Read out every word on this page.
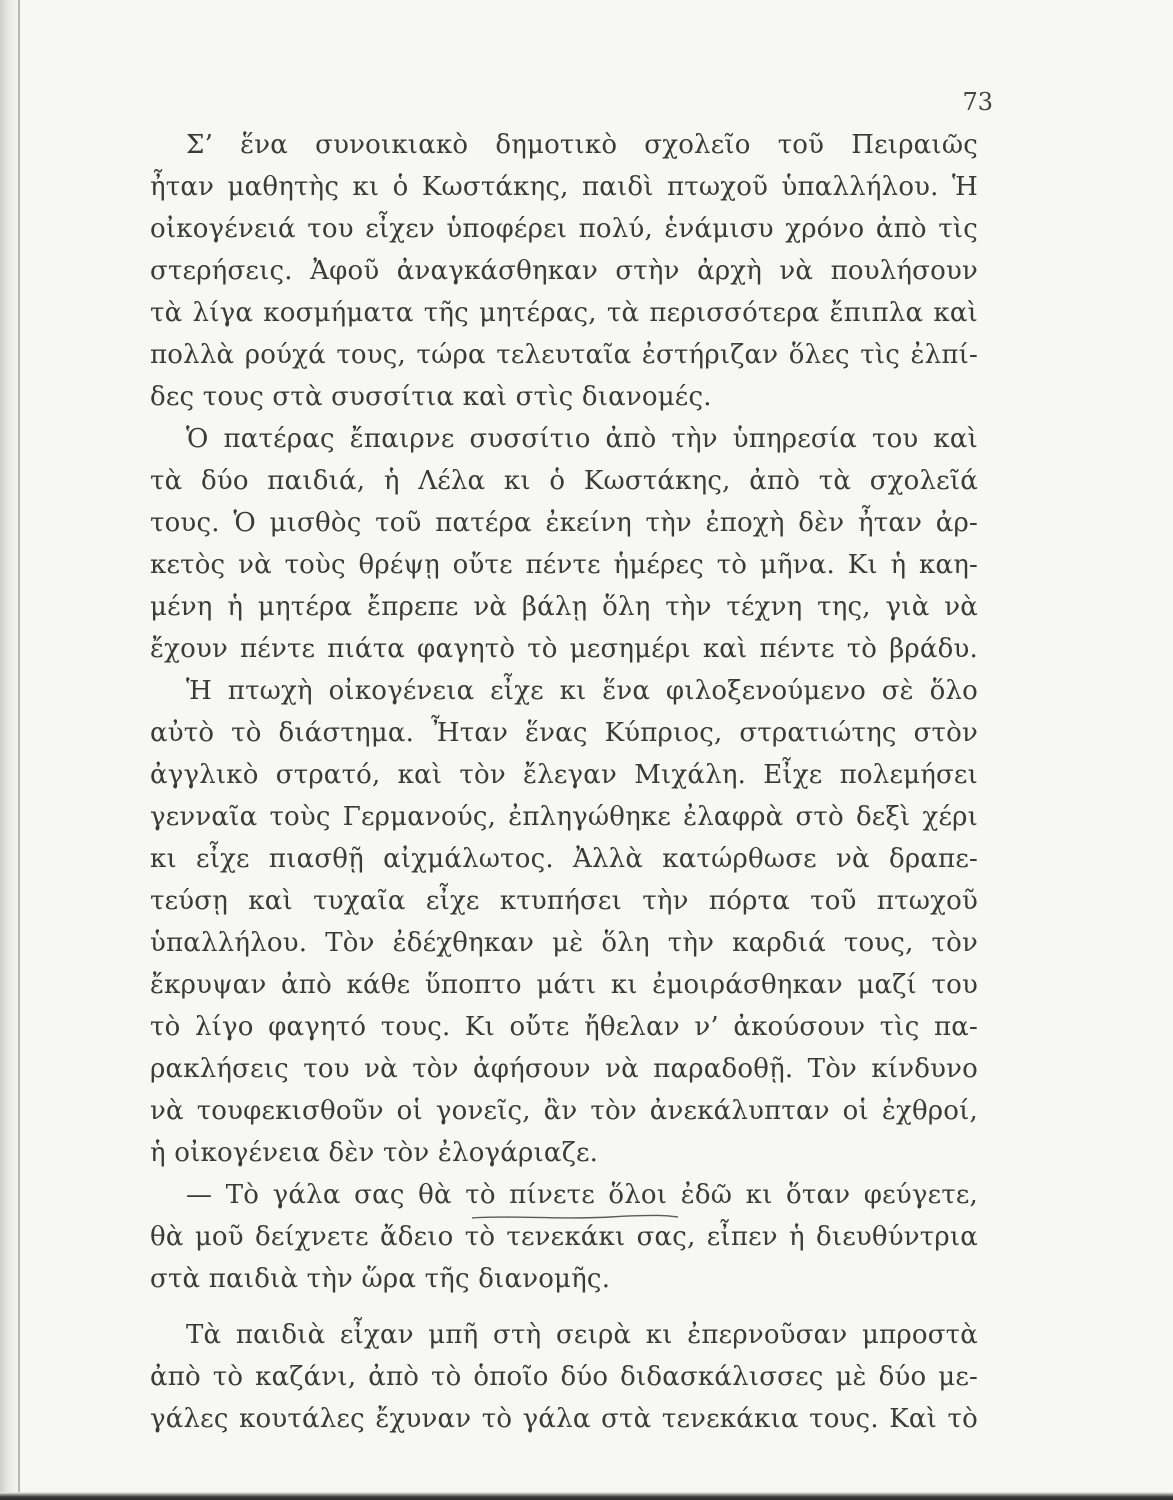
73
Σ’ ἕνα συνοικιακὸ δημοτικὸ σχολεῖο τοῦ Πειραιῶς
ἦταν μαθητὴς κι ὁ Κωστάκης, παιδὶ πτωχοῦ ὑπαλλήλου. Ἡ
οἰκογένειά του εἶχεν ὑποφέρει πολύ, ἑνάμισυ χρόνο ἀπὸ τὶς
στερήσεις. Ἀφοῦ ἀναγκάσθηκαν στὴν ἀρχὴ νὰ πουλήσουν
τὰ λίγα κοσμήματα τῆς μητέρας, τὰ περισσότερα ἔπιπλα καὶ
πολλὰ ρούχά τους, τώρα τελευταῖα ἐστήριζαν ὅλες τὶς ἐλπί-
δες τους στὰ συσσίτια καὶ στὶς διανομές.
Ὁ πατέρας ἔπαιρνε συσσίτιο ἀπὸ τὴν ὑπηρεσία του καὶ
τὰ δύο παιδιά, ἡ Λέλα κι ὁ Κωστάκης, ἀπὸ τὰ σχολεῖά
τους. Ὁ μισθὸς τοῦ πατέρα ἐκείνη τὴν ἐποχὴ δὲν ἦταν ἀρ-
κετὸς νὰ τοὺς θρέψῃ οὔτε πέντε ἡμέρες τὸ μῆνα. Κι ἡ καη-
μένη ἡ μητέρα ἔπρεπε νὰ βάλῃ ὅλη τὴν τέχνη της, γιὰ νὰ
ἔχουν πέντε πιάτα φαγητὸ τὸ μεσημέρι καὶ πέντε τὸ βράδυ.
Ἡ πτωχὴ οἰκογένεια εἶχε κι ἕνα φιλοξενούμενο σὲ ὅλο
αὐτὸ τὸ διάστημα. Ἦταν ἕνας Κύπριος, στρατιώτης στὸν
ἀγγλικὸ στρατό, καὶ τὸν ἔλεγαν Μιχάλη. Εἶχε πολεμήσει
γενναῖα τοὺς Γερμανούς, ἐπληγώθηκε ἐλαφρὰ στὸ δεξὶ χέρι
κι εἶχε πιασθῇ αἰχμάλωτος. Ἀλλὰ κατώρθωσε νὰ δραπε-
τεύσῃ καὶ τυχαῖα εἶχε κτυπήσει τὴν πόρτα τοῦ πτωχοῦ
ὑπαλλήλου. Τὸν ἐδέχθηκαν μὲ ὅλη τὴν καρδιά τους, τὸν
ἔκρυψαν ἀπὸ κάθε ὕποπτο μάτι κι ἐμοιράσθηκαν μαζί του
τὸ λίγο φαγητό τους. Κι οὔτε ἤθελαν ν’ ἀκούσουν τὶς πα-
ρακλήσεις του νὰ τὸν ἀφήσουν νὰ παραδοθῇ. Τὸν κίνδυνο
νὰ τουφεκισθοῦν οἱ γονεῖς, ἂν τὸν ἀνεκάλυπταν οἱ ἐχθροί,
ἡ οἰκογένεια δὲν τὸν ἐλογάριαζε.
— Τὸ γάλα σας θὰ τὸ πίνετε ὅλοι ἐδῶ κι ὅταν φεύγετε,
θὰ μοῦ δείχνετε ἄδειο τὸ τενεκάκι σας, εἶπεν ἡ διευθύντρια
στὰ παιδιὰ τὴν ὥρα τῆς διανομῆς.
Τὰ παιδιὰ εἶχαν μπῆ στὴ σειρὰ κι ἐπερνοῦσαν μπροστὰ
ἀπὸ τὸ καζάνι, ἀπὸ τὸ ὁποῖο δύο διδασκάλισσες μὲ δύο με-
γάλες κουτάλες ἔχυναν τὸ γάλα στὰ τενεκάκια τους. Καὶ τὸ
